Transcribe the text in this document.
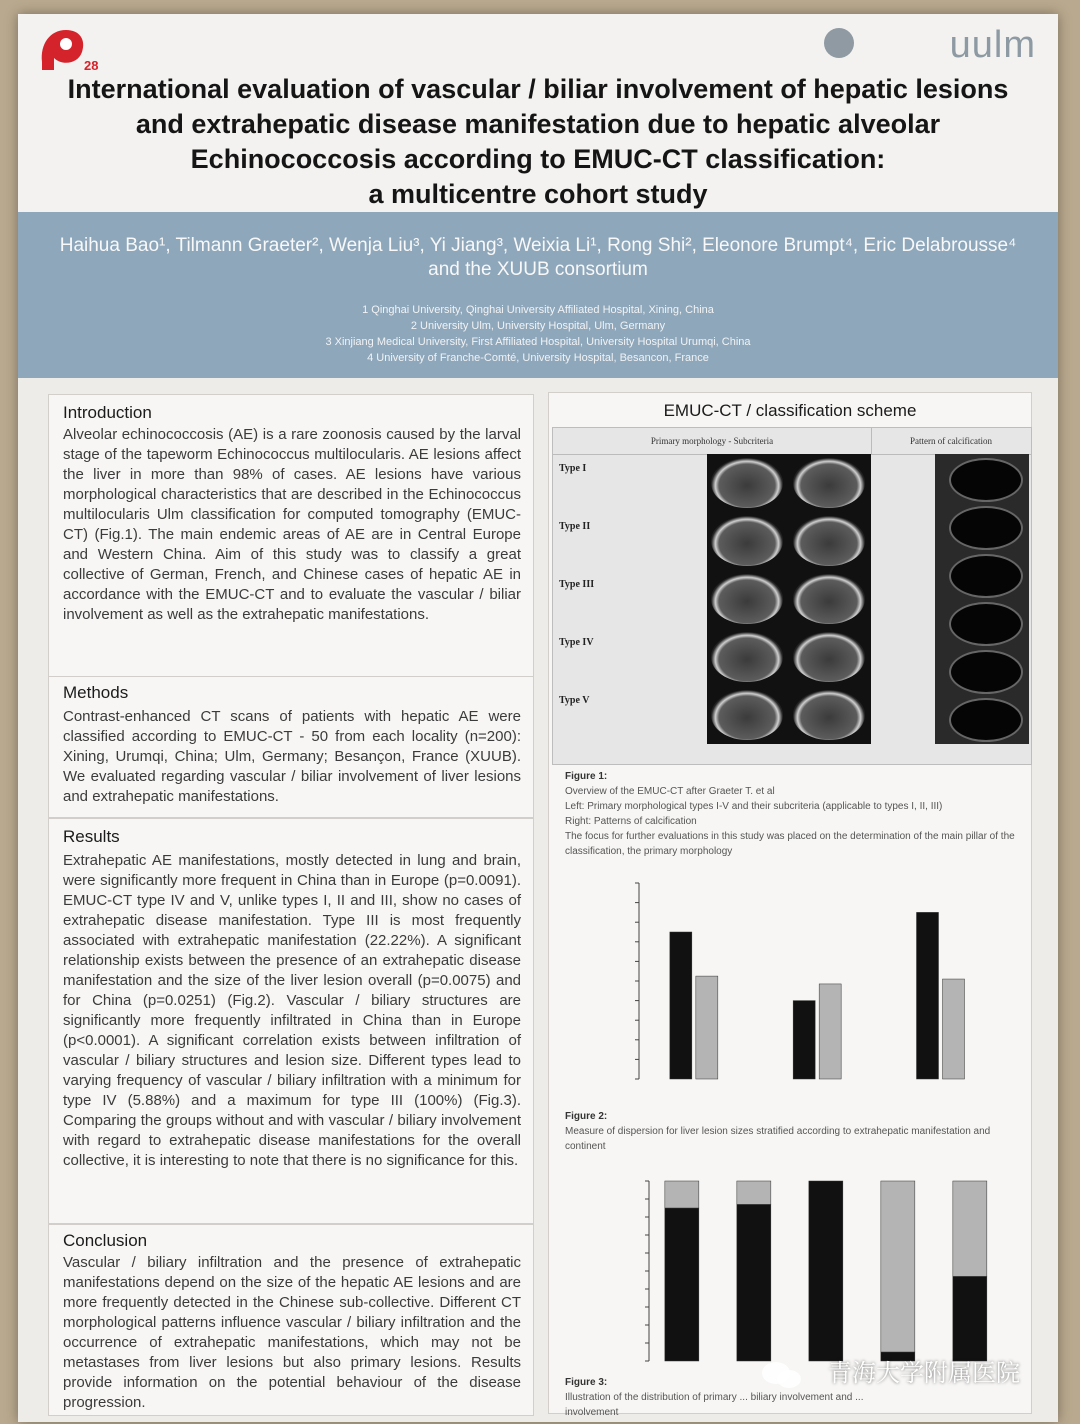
28	uulm
International evaluation of vascular / biliar involvement of hepatic lesions
and extrahepatic disease manifestation due to hepatic alveolar
Echinococcosis according to EMUC-CT classification:
a multicentre cohort study
Haihua Bao¹, Tilmann Graeter², Wenja Liu³, Yi Jiang³, Weixia Li¹, Rong Shi², Eleonore Brumpt⁴, Eric Delabrousse⁴
and the XUUB consortium
1 Qinghai University, Qinghai University Affiliated Hospital, Xining, China
2 University Ulm, University Hospital, Ulm, Germany
3 Xinjiang Medical University, First Affiliated Hospital, University Hospital Urumqi, China
4 University of Franche-Comté, University Hospital, Besancon, France
Introduction
Alveolar echinococcosis (AE) is a rare zoonosis caused by the larval stage of the tapeworm Echinococcus multilocularis. AE lesions affect the liver in more than 98% of cases. AE lesions have various morphological characteristics that are described in the Echinococcus multilocularis Ulm classification for computed tomography (EMUC-CT) (Fig.1). The main endemic areas of AE are in Central Europe and Western China. Aim of this study was to classify a great collective of German, French, and Chinese cases of hepatic AE in accordance with the EMUC-CT and to evaluate the vascular / biliar involvement as well as the extrahepatic manifestations.
Methods
Contrast-enhanced CT scans of patients with hepatic AE were classified according to EMUC-CT - 50 from each locality (n=200): Xining, Urumqi, China; Ulm, Germany; Besançon, France (XUUB). We evaluated regarding vascular / biliar involvement of liver lesions and extrahepatic manifestations.
Results
Extrahepatic AE manifestations, mostly detected in lung and brain, were significantly more frequent in China than in Europe (p=0.0091). EMUC-CT type IV and V, unlike types I, II and III, show no cases of extrahepatic disease manifestation. Type III is most frequently associated with extrahepatic manifestation (22.22%). A significant relationship exists between the presence of an extrahepatic disease manifestation and the size of the liver lesion overall (p=0.0075) and for China (p=0.0251) (Fig.2). Vascular / biliary structures are significantly more frequently infiltrated in China than in Europe (p<0.0001). A significant correlation exists between infiltration of vascular / biliary structures and lesion size. Different types lead to varying frequency of vascular / biliary infiltration with a minimum for type IV (5.88%) and a maximum for type III (100%) (Fig.3). Comparing the groups without and with vascular / biliary involvement with regard to extrahepatic disease manifestations for the overall collective, it is interesting to note that there is no significance for this.
Conclusion
Vascular / biliary infiltration and the presence of extrahepatic manifestations depend on the size of the hepatic AE lesions and are more frequently detected in the Chinese sub-collective. Different CT morphological patterns influence vascular / biliary infiltration and the occurrence of extrahepatic manifestations, which may not be metastases from liver lesions but also primary lesions. Results provide information on the potential behaviour of the disease progression.
EMUC-CT / classification scheme
Primary morphology - Subcriteria	Pattern of calcification
Type I
Type II
Type III
Type IV
Type V
Figure 1:
Overview of the EMUC-CT after Graeter T. et al
Left: Primary morphological types I-V and their subcriteria (applicable to types I, II, III)
Right: Patterns of calcification
The focus for further evaluations in this study was placed on the determination of the main pillar of the classification, the primary morphology
Figure 2:
Measure of dispersion for liver lesion sizes stratified according to extrahepatic manifestation and continent
Figure 3:
Illustration of the distribution of primary ... biliary involvement and ... involvement
青海大学附属医院
